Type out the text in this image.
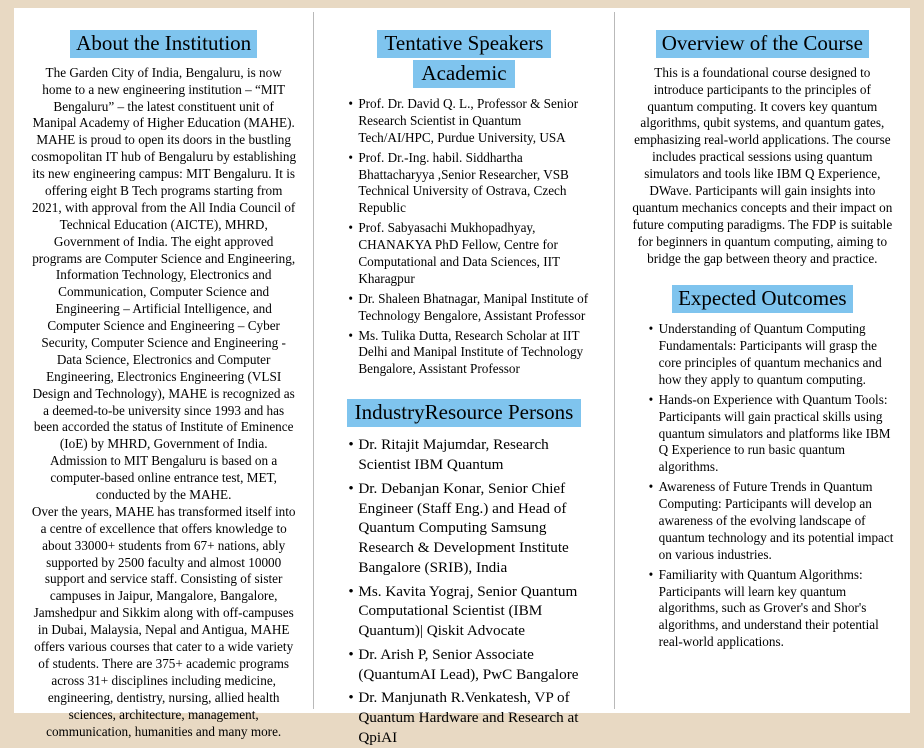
About the Institution

The Garden City of India, Bengaluru, is now home to a new engineering institution – “MIT Bengaluru” – the latest constituent unit of Manipal Academy of Higher Education (MAHE). MAHE is proud to open its doors in the bustling cosmopolitan IT hub of Bengaluru by establishing its new engineering campus: MIT Bengaluru. It is offering eight B Tech programs starting from 2021, with approval from the All India Council of Technical Education (AICTE), MHRD, Government of India. The eight approved programs are Computer Science and Engineering, Information Technology, Electronics and Communication, Computer Science and Engineering – Artificial Intelligence, and Computer Science and Engineering – Cyber Security, Computer Science and Engineering - Data Science, Electronics and Computer Engineering, Electronics Engineering (VLSI Design and Technology), MAHE is recognized as a deemed-to-be university since 1993 and has been accorded the status of Institute of Eminence (IoE) by MHRD, Government of India. Admission to MIT Bengaluru is based on a computer-based online entrance test, MET, conducted by the MAHE.

Over the years, MAHE has transformed itself into a centre of excellence that offers knowledge to about 33000+ students from 67+ nations, ably supported by 2500 faculty and almost 10000 support and service staff. Consisting of sister campuses in Jaipur, Mangalore, Bangalore, Jamshedpur and Sikkim along with off-campuses in Dubai, Malaysia, Nepal and Antigua, MAHE offers various courses that cater to a wide variety of students. There are 375+ academic programs across 31+ disciplines including medicine, engineering, dentistry, nursing, allied health sciences, architecture, management, communication, humanities and many more.

Tentative Speakers
Academic
• Prof. Dr. David Q. L., Professor & Senior Research Scientist in Quantum Tech/AI/HPC, Purdue University, USA
• Prof. Dr.-Ing. habil. Siddhartha Bhattacharyya ,Senior Researcher, VSB Technical University of Ostrava, Czech Republic
• Prof. Sabyasachi Mukhopadhyay, CHANAKYA PhD Fellow, Centre for Computational and Data Sciences, IIT Kharagpur
• Dr. Shaleen Bhatnagar, Manipal Institute of Technology Bengalore, Assistant Professor
• Ms. Tulika Dutta, Research Scholar at IIT Delhi and Manipal Institute of Technology Bengalore, Assistant Professor
IndustryResource Persons
• Dr. Ritajit Majumdar, Research Scientist IBM Quantum
• Dr. Debanjan Konar, Senior Chief Engineer (Staff Eng.) and Head of Quantum Computing Samsung Research & Development Institute Bangalore (SRIB), India
• Ms. Kavita Yograj, Senior Quantum Computational Scientist (IBM Quantum)| Qiskit Advocate
• Dr. Arish P, Senior Associate (QuantumAI Lead), PwC Bangalore
• Dr. Manjunath R.Venkatesh, VP of Quantum Hardware and Research at QpiAI
Overview of the Course

This is a foundational course designed to introduce participants to the principles of quantum computing. It covers key quantum algorithms, qubit systems, and quantum gates, emphasizing real-world applications. The course includes practical sessions using quantum simulators and tools like IBM Q Experience, DWave. Participants will gain insights into quantum mechanics concepts and their impact on future computing paradigms. The FDP is suitable for beginners in quantum computing, aiming to bridge the gap between theory and practice.

Expected Outcomes
• Understanding of Quantum Computing Fundamentals: Participants will grasp the core principles of quantum mechanics and how they apply to quantum computing.
• Hands-on Experience with Quantum Tools: Participants will gain practical skills using quantum simulators and platforms like IBM Q Experience to run basic quantum algorithms.
• Awareness of Future Trends in Quantum Computing: Participants will develop an awareness of the evolving landscape of quantum technology and its potential impact on various industries.
• Familiarity with Quantum Algorithms: Participants will learn key quantum algorithms, such as Grover's and Shor's algorithms, and understand their potential real-world applications.
